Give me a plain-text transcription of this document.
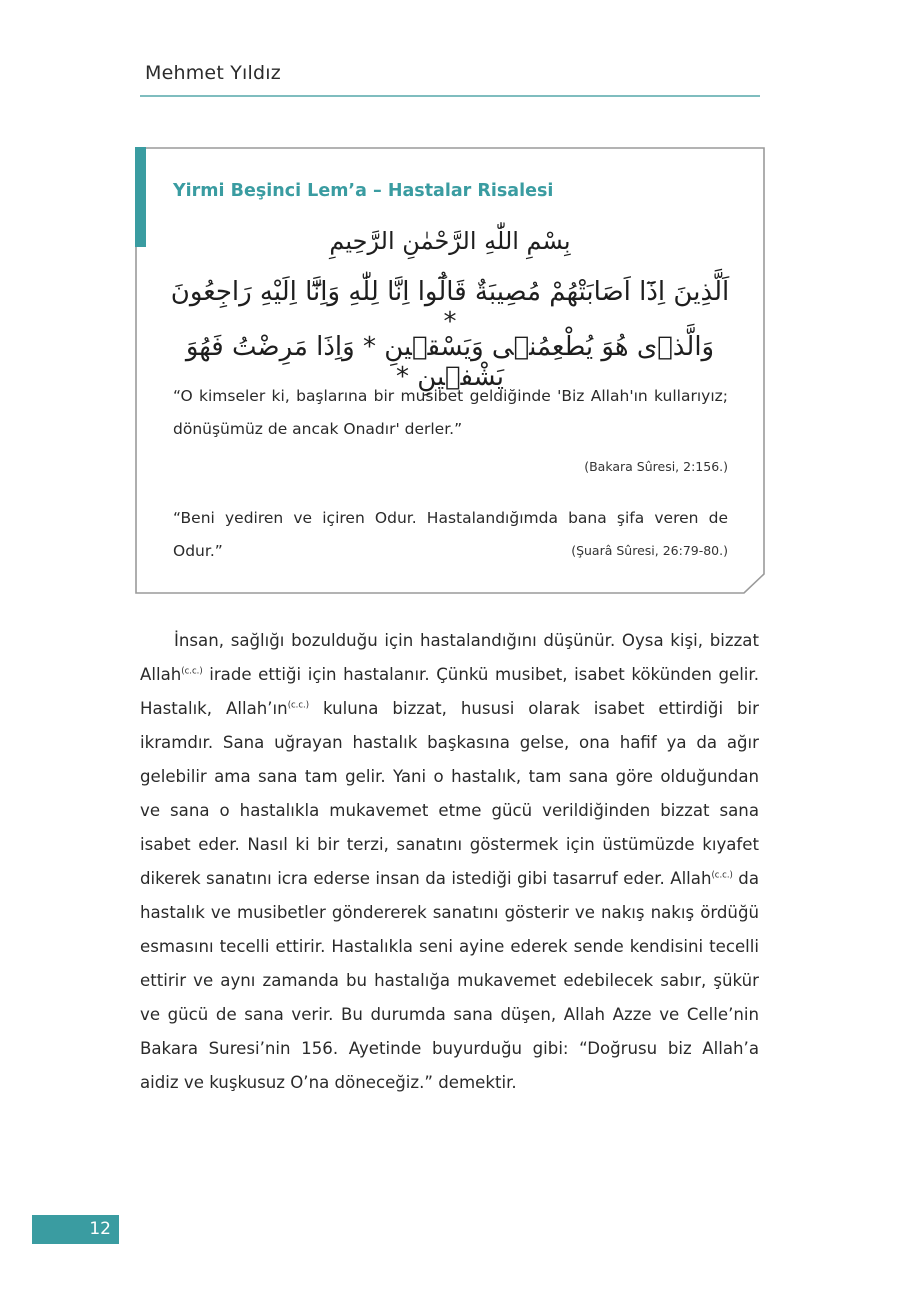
Mehmet Yıldız
Yirmi Beşinci Lem’a – Hastalar Risalesi
بِسْمِ اللّٰهِ الرَّحْمٰنِ الرَّحِيمِ
اَلَّذِينَ اِذَٓا اَصَابَتْهُمْ مُصِيبَةٌ قَالُٓوا اِنَّا لِلّٰهِ وَاِنَّٓا اِلَيْهِ رَاجِعُونَ *
وَالَّذٖى هُوَ يُطْعِمُنٖى وَيَسْقٖينِ * وَاِذَا مَرِضْتُ فَهُوَ يَشْفٖينِ *
“O kimseler ki, başlarına bir musibet geldiğinde 'Biz Allah'ın kullarıyız; dönüşümüz de ancak Onadır' derler.”
(Bakara Sûresi, 2:156.)
“Beni yediren ve içiren Odur. Hastalandığımda bana şifa veren de Odur.”	(Şuarâ Sûresi, 26:79-80.)

İnsan, sağlığı bozulduğu için hastalandığını düşünür. Oysa kişi, bizzat Allah$^{(c.c.)}$ irade ettiği için hastalanır. Çünkü musibet, isabet kökünden gelir. Hastalık, Allah’ın$^{(c.c.)}$ kuluna bizzat, hususi olarak isabet ettirdiği bir ikramdır. Sana uğrayan hastalık başkasına gelse, ona hafif ya da ağır gelebilir ama sana tam gelir. Yani o hastalık, tam sana göre olduğundan ve sana o hastalıkla mukavemet etme gücü verildiğinden bizzat sana isabet eder. Nasıl ki bir terzi, sanatını göstermek için üstümüzde kıyafet dikerek sanatını icra ederse insan da istediği gibi tasarruf eder. Allah$^{(c.c.)}$ da hastalık ve musibetler göndererek sanatını gösterir ve nakış nakış ördüğü esmasını tecelli ettirir. Hastalıkla seni ayine ederek sende kendisini tecelli ettirir ve aynı zamanda bu hastalığa mukavemet edebilecek sabır, şükür ve gücü de sana verir. Bu durumda sana düşen, Allah Azze ve Celle’nin Bakara Suresi’nin 156. Ayetinde buyurduğu gibi: “Doğrusu biz Allah’a aidiz ve kuşkusuz O’na döneceğiz.” demektir.

12
